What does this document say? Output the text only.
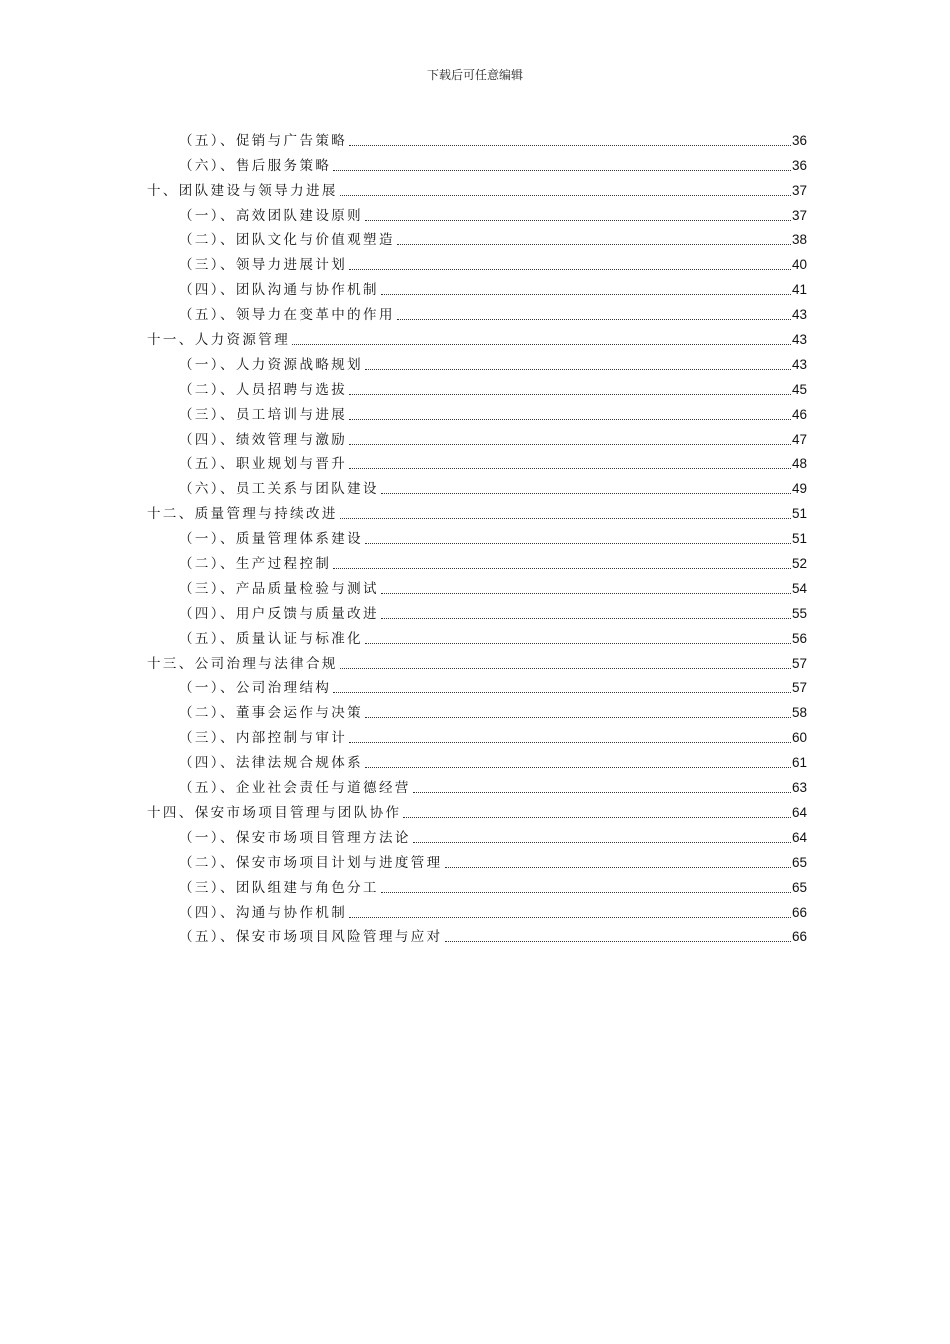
下载后可任意编辑
（五）、促销与广告策略	36
（六）、售后服务策略	36
十、团队建设与领导力进展	37
（一）、高效团队建设原则	37
（二）、团队文化与价值观塑造	38
（三）、领导力进展计划	40
（四）、团队沟通与协作机制	41
（五）、领导力在变革中的作用	43
十一、人力资源管理	43
（一）、人力资源战略规划	43
（二）、人员招聘与选拔	45
（三）、员工培训与进展	46
（四）、绩效管理与激励	47
（五）、职业规划与晋升	48
（六）、员工关系与团队建设	49
十二、质量管理与持续改进	51
（一）、质量管理体系建设	51
（二）、生产过程控制	52
（三）、产品质量检验与测试	54
（四）、用户反馈与质量改进	55
（五）、质量认证与标准化	56
十三、公司治理与法律合规	57
（一）、公司治理结构	57
（二）、董事会运作与决策	58
（三）、内部控制与审计	60
（四）、法律法规合规体系	61
（五）、企业社会责任与道德经营	63
十四、保安市场项目管理与团队协作	64
（一）、保安市场项目管理方法论	64
（二）、保安市场项目计划与进度管理	65
（三）、团队组建与角色分工	65
（四）、沟通与协作机制	66
（五）、保安市场项目风险管理与应对	66
